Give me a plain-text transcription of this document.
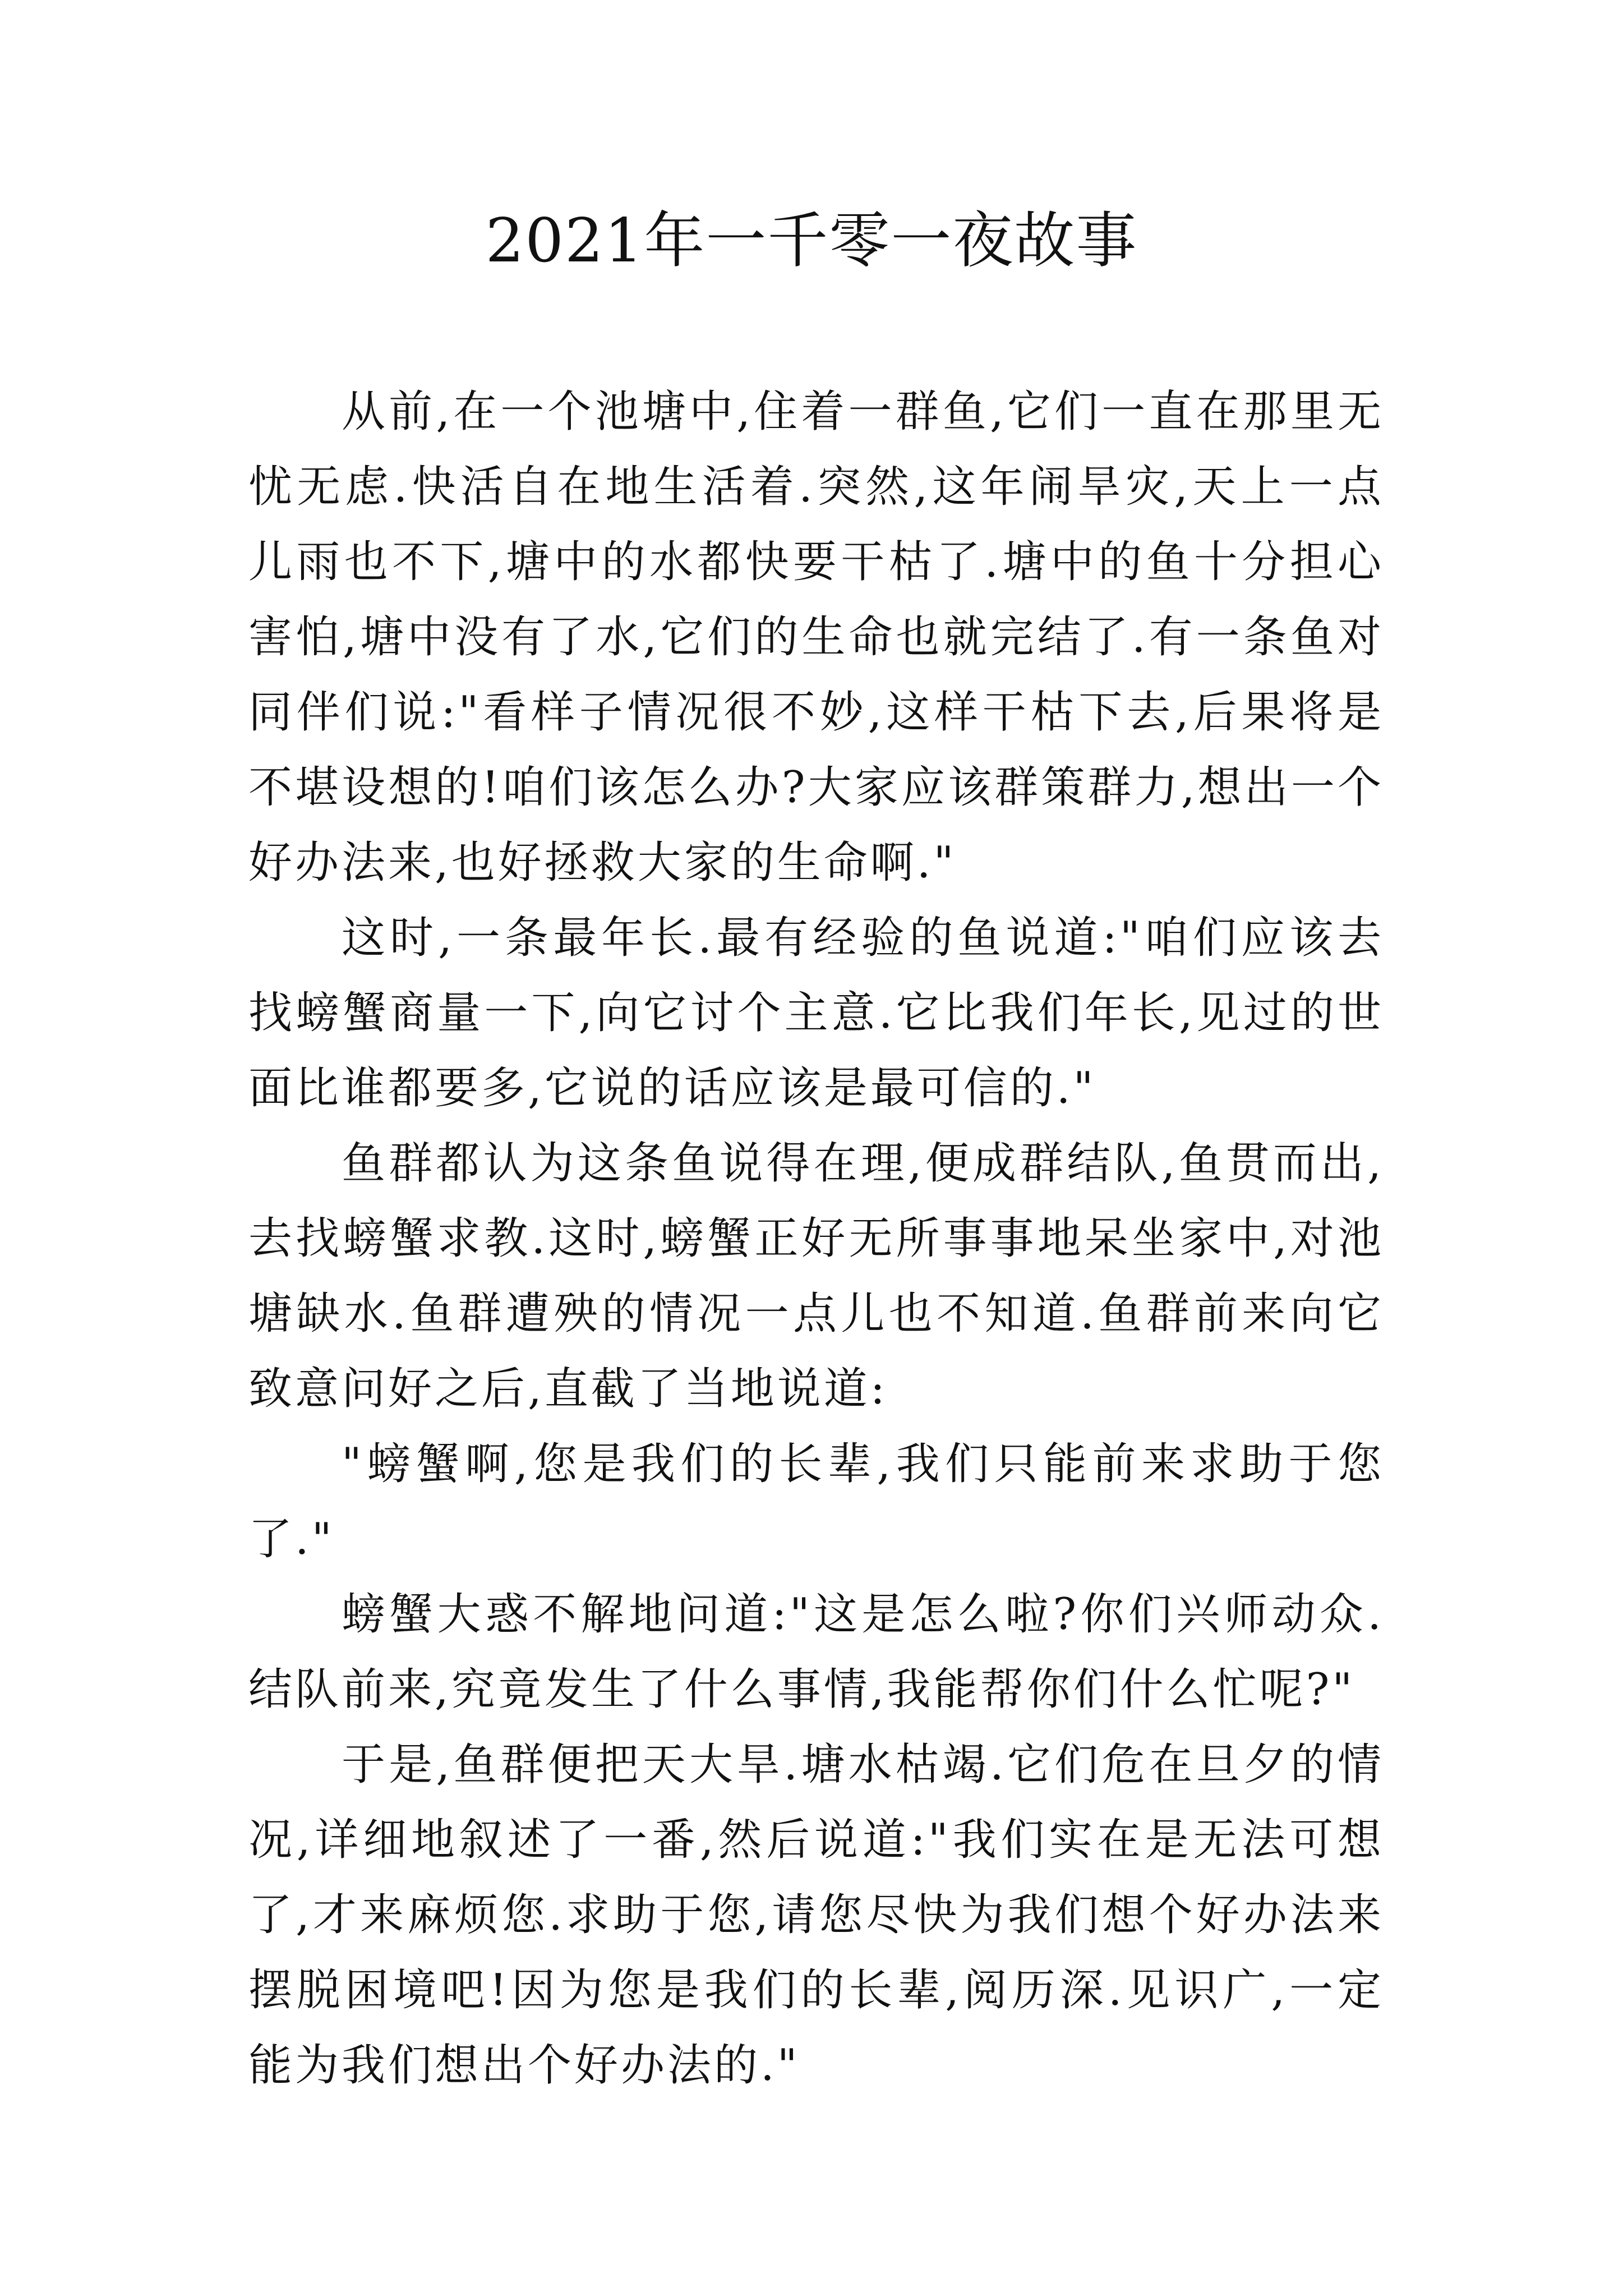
2021年一千零一夜故事

从前,在一个池塘中,住着一群鱼,它们一直在那里无忧无虑.快活自在地生活着.突然,这年闹旱灾,天上一点儿雨也不下,塘中的水都快要干枯了.塘中的鱼十分担心害怕,塘中没有了水,它们的生命也就完结了.有一条鱼对同伴们说:"看样子情况很不妙,这样干枯下去,后果将是不堪设想的!咱们该怎么办?大家应该群策群力,想出一个好办法来,也好拯救大家的生命啊."

这时,一条最年长.最有经验的鱼说道:"咱们应该去找螃蟹商量一下,向它讨个主意.它比我们年长,见过的世面比谁都要多,它说的话应该是最可信的."

鱼群都认为这条鱼说得在理,便成群结队,鱼贯而出,去找螃蟹求教.这时,螃蟹正好无所事事地呆坐家中,对池塘缺水.鱼群遭殃的情况一点儿也不知道.鱼群前来向它致意问好之后,直截了当地说道:

"螃蟹啊,您是我们的长辈,我们只能前来求助于您了."

螃蟹大惑不解地问道:"这是怎么啦?你们兴师动众.结队前来,究竟发生了什么事情,我能帮你们什么忙呢?"

于是,鱼群便把天大旱.塘水枯竭.它们危在旦夕的情况,详细地叙述了一番,然后说道:"我们实在是无法可想了,才来麻烦您.求助于您,请您尽快为我们想个好办法来摆脱困境吧!因为您是我们的长辈,阅历深.见识广,一定能为我们想出个好办法的."
